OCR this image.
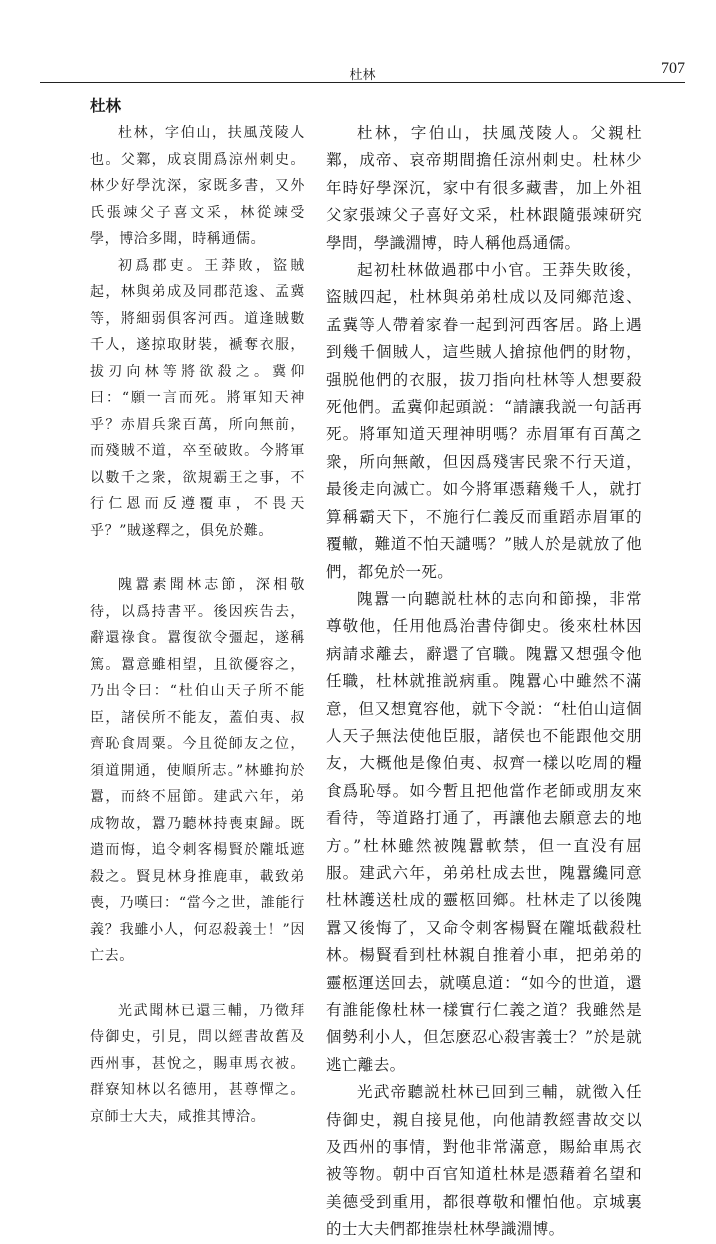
杜林	707
杜林

杜林，字伯山，扶風茂陵人也。父鄴，成哀閒爲涼州刺史。林少好學沈深，家既多書，又外氏張竦父子喜文采，林從竦受學，博洽多聞，時稱通儒。

初爲郡吏。王莽敗，盜賊起，林與弟成及同郡范逡、孟冀等，將細弱俱客河西。道逢賊數千人，遂掠取財裝，褫奪衣服，拔刃向林等將欲殺之。冀仰曰：“願一言而死。將軍知天神乎？赤眉兵衆百萬，所向無前，而殘賊不道，卒至破敗。今將軍以數千之衆，欲規霸王之事，不行仁恩而反遵覆車，不畏天乎？”賊遂釋之，俱免於難。

隗囂素聞林志節，深相敬待，以爲持書平。後因疾告去，辭還祿食。囂復欲令彊起，遂稱篤。囂意雖相望，且欲優容之，乃出令曰：“杜伯山天子所不能臣，諸侯所不能友，蓋伯夷、叔齊恥食周粟。今且從師友之位，須道開通，使順所志。”林雖拘於囂，而終不屈節。建武六年，弟成物故，囂乃聽林持喪東歸。既遣而悔，追令刺客楊賢於隴坻遮殺之。賢見林身推鹿車，載致弟喪，乃嘆曰：“當今之世，誰能行義？我雖小人，何忍殺義士！”因亡去。

光武聞林已還三輔，乃徵拜侍御史，引見，問以經書故舊及西州事，甚悅之，賜車馬衣被。群寮知林以名德用，甚尊憚之。京師士大夫，咸推其博洽。

杜林，字伯山，扶風茂陵人。父親杜鄴，成帝、哀帝期間擔任涼州刺史。杜林少年時好學深沉，家中有很多藏書，加上外祖父家張竦父子喜好文采，杜林跟隨張竦研究學問，學識淵博，時人稱他爲通儒。

起初杜林做過郡中小官。王莽失敗後，盜賊四起，杜林與弟弟杜成以及同鄉范逡、孟冀等人帶着家眷一起到河西客居。路上遇到幾千個賊人，這些賊人搶掠他們的財物，强脱他們的衣服，拔刀指向杜林等人想要殺死他們。孟冀仰起頭説：“請讓我説一句話再死。將軍知道天理神明嗎？赤眉軍有百萬之衆，所向無敵，但因爲殘害民衆不行天道，最後走向滅亡。如今將軍憑藉幾千人，就打算稱霸天下，不施行仁義反而重蹈赤眉軍的覆轍，難道不怕天譴嗎？”賊人於是就放了他們，都免於一死。

隗囂一向聽説杜林的志向和節操，非常尊敬他，任用他爲治書侍御史。後來杜林因病請求離去，辭還了官職。隗囂又想强令他任職，杜林就推説病重。隗囂心中雖然不滿意，但又想寬容他，就下令説：“杜伯山這個人天子無法使他臣服，諸侯也不能跟他交朋友，大概他是像伯夷、叔齊一樣以吃周的糧食爲恥辱。如今暫且把他當作老師或朋友來看待，等道路打通了，再讓他去願意去的地方。”杜林雖然被隗囂軟禁，但一直没有屈服。建武六年，弟弟杜成去世，隗囂纔同意杜林護送杜成的靈柩回鄉。杜林走了以後隗囂又後悔了，又命令刺客楊賢在隴坻截殺杜林。楊賢看到杜林親自推着小車，把弟弟的靈柩運送回去，就嘆息道：“如今的世道，還有誰能像杜林一樣實行仁義之道？我雖然是個勢利小人，但怎麽忍心殺害義士？”於是就逃亡離去。

光武帝聽説杜林已回到三輔，就徵入任侍御史，親自接見他，向他請教經書故交以及西州的事情，對他非常滿意，賜給車馬衣被等物。朝中百官知道杜林是憑藉着名望和美德受到重用，都很尊敬和懼怕他。京城裏的士大夫們都推崇杜林學識淵博。
